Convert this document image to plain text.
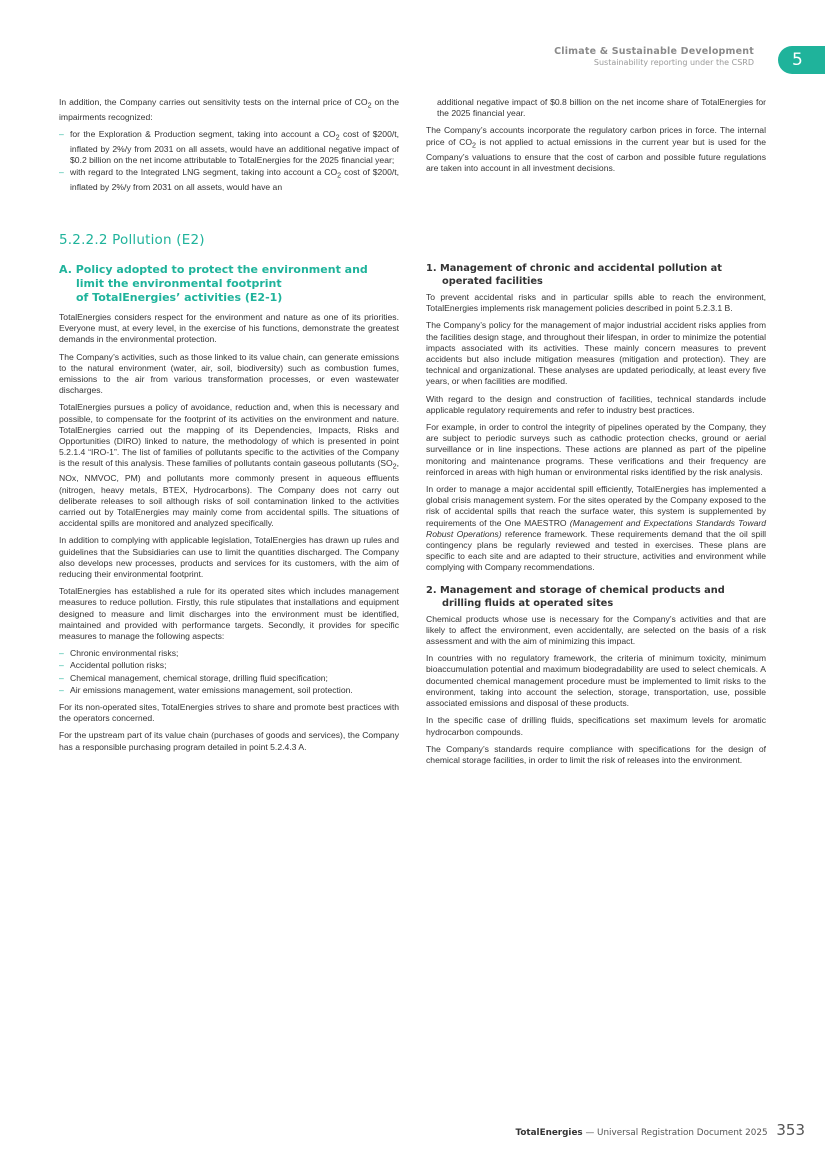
Climate & Sustainable Development
Sustainability reporting under the CSRD	5

In addition, the Company carries out sensitivity tests on the internal price of $CO_2$ on the impairments recognized:

– for the Exploration & Production segment, taking into account a $CO_2$ cost of $200/t, inflated by 2%/y from 2031 on all assets, would have an additional negative impact of $0.2 billion on the net income attributable to TotalEnergies for the 2025 financial year;
– with regard to the Integrated LNG segment, taking into account a $CO_2$ cost of $200/t, inflated by 2%/y from 2031 on all assets, would have an
additional negative impact of $0.8 billion on the net income share of TotalEnergies for the 2025 financial year.

The Company’s accounts incorporate the regulatory carbon prices in force. The internal price of $CO_2$ is not applied to actual emissions in the current year but is used for the Company’s valuations to ensure that the cost of carbon and possible future regulations are taken into account in all investment decisions.

5.2.2.2 Pollution (E2)
A. Policy adopted to protect the environment and
limit the environmental footprint
of TotalEnergies’ activities (E2-1)

TotalEnergies considers respect for the environment and nature as one of its priorities. Everyone must, at every level, in the exercise of his functions, demonstrate the greatest demands in the environmental protection.

The Company’s activities, such as those linked to its value chain, can generate emissions to the natural environment (water, air, soil, biodiversity) such as combustion fumes, emissions to the air from various transformation processes, or even wastewater discharges.

TotalEnergies pursues a policy of avoidance, reduction and, when this is necessary and possible, to compensate for the footprint of its activities on the environment and nature. TotalEnergies carried out the mapping of its Dependencies, Impacts, Risks and Opportunities (DIRO) linked to nature, the methodology of which is presented in point 5.2.1.4 “IRO-1”. The list of families of pollutants specific to the activities of the Company is the result of this analysis. These families of pollutants contain gaseous pollutants ($SO_2$, NOx, NMVOC, PM) and pollutants more commonly present in aqueous effluents (nitrogen, heavy metals, BTEX, Hydrocarbons). The Company does not carry out deliberate releases to soil although risks of soil contamination linked to the activities carried out by TotalEnergies may mainly come from accidental spills. The situations of accidental spills are monitored and analyzed specifically.

In addition to complying with applicable legislation, TotalEnergies has drawn up rules and guidelines that the Subsidiaries can use to limit the quantities discharged. The Company also develops new processes, products and services for its customers, with the aim of reducing their environmental footprint.

TotalEnergies has established a rule for its operated sites which includes management measures to reduce pollution. Firstly, this rule stipulates that installations and equipment designed to measure and limit discharges into the environment must be identified, maintained and provided with performance targets. Secondly, it provides for specific measures to manage the following aspects:

– Chronic environmental risks;
– Accidental pollution risks;
– Chemical management, chemical storage, drilling fluid specification;
– Air emissions management, water emissions management, soil protection.

For its non-operated sites, TotalEnergies strives to share and promote best practices with the operators concerned.

For the upstream part of its value chain (purchases of goods and services), the Company has a responsible purchasing program detailed in point 5.2.4.3 A.

1. Management of chronic and accidental pollution at
operated facilities

To prevent accidental risks and in particular spills able to reach the environment, TotalEnergies implements risk management policies described in point 5.2.3.1 B.

The Company’s policy for the management of major industrial accident risks applies from the facilities design stage, and throughout their lifespan, in order to minimize the potential impacts associated with its activities. These mainly concern measures to prevent accidents but also include mitigation measures (mitigation and protection). They are technical and organizational. These analyses are updated periodically, at least every five years, or when facilities are modified.

With regard to the design and construction of facilities, technical standards include applicable regulatory requirements and refer to industry best practices.

For example, in order to control the integrity of pipelines operated by the Company, they are subject to periodic surveys such as cathodic protection checks, ground or aerial surveillance or in line inspections. These actions are planned as part of the pipeline monitoring and maintenance programs. These verifications and their frequency are reinforced in areas with high human or environmental risks identified by the risk analysis.

In order to manage a major accidental spill efficiently, TotalEnergies has implemented a global crisis management system. For the sites operated by the Company exposed to the risk of accidental spills that reach the surface water, this system is supplemented by requirements of the One MAESTRO (Management and Expectations Standards Toward Robust Operations) reference framework. These requirements demand that the oil spill contingency plans be regularly reviewed and tested in exercises. These plans are specific to each site and are adapted to their structure, activities and environment while complying with Company recommendations.

2. Management and storage of chemical products and
drilling fluids at operated sites

Chemical products whose use is necessary for the Company’s activities and that are likely to affect the environment, even accidentally, are selected on the basis of a risk assessment and with the aim of minimizing this impact.

In countries with no regulatory framework, the criteria of minimum toxicity, minimum bioaccumulation potential and maximum biodegradability are used to select chemicals. A documented chemical management procedure must be implemented to limit risks to the environment, taking into account the selection, storage, transportation, use, possible associated emissions and disposal of these products.

In the specific case of drilling fluids, specifications set maximum levels for aromatic hydrocarbon compounds.

The Company’s standards require compliance with specifications for the design of chemical storage facilities, in order to limit the risk of releases into the environment.

TotalEnergies — Universal Registration Document 2025 353
